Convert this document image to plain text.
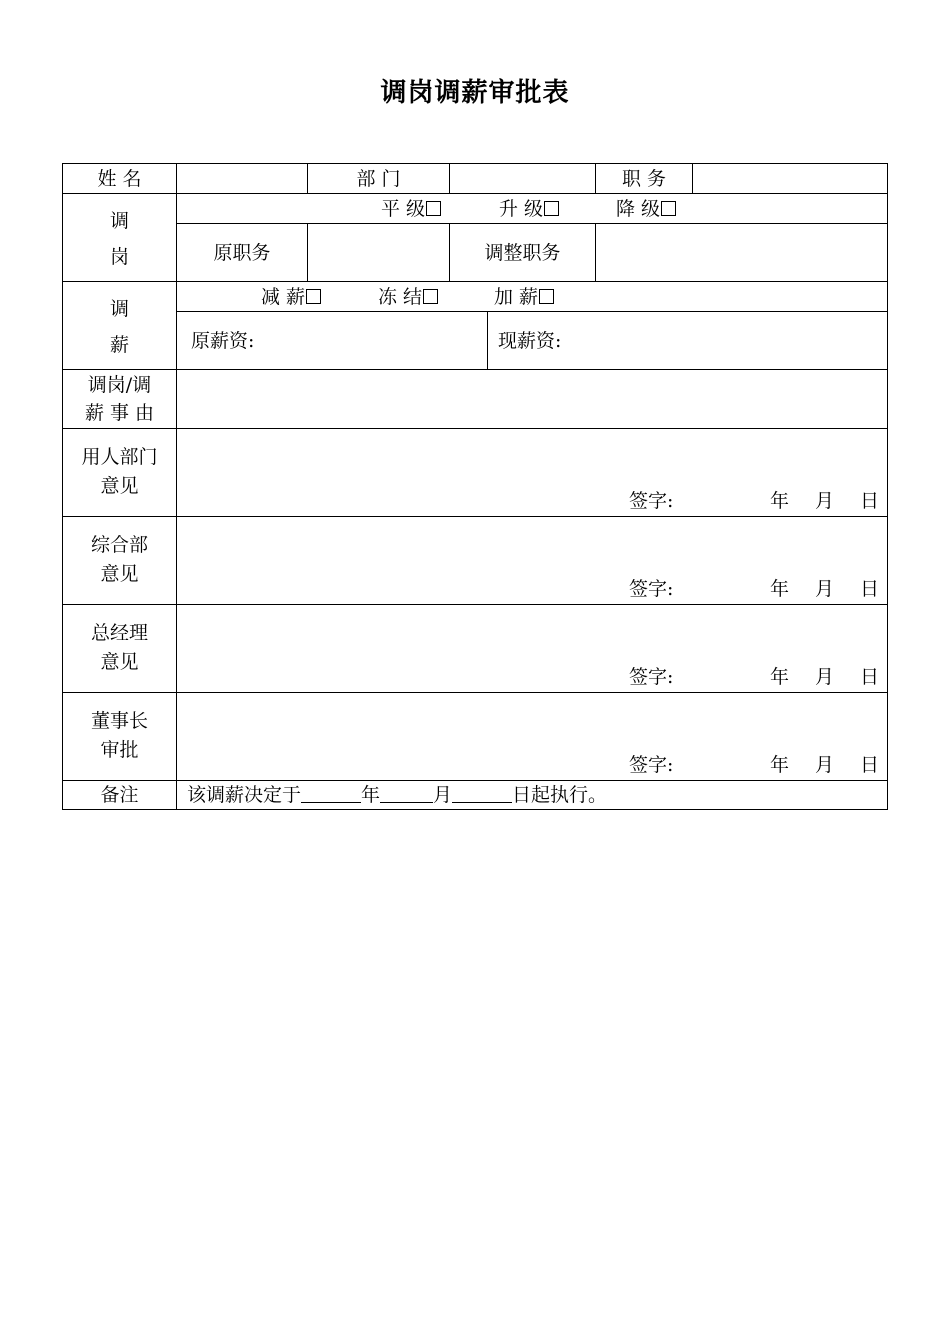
调岗调薪审批表
姓 名	部 门	职 务
调
岗
平 级	升 级	降 级
原职务	调整职务
调
薪
减 薪	冻 结	加 薪
原薪资:	现薪资:
调岗/调
薪 事 由
用人部门
意见
签字:	年 月 日
综合部
意见
签字:	年 月 日
总经理
意见
签字:	年 月 日
董事长
审批
签字:	年 月 日
备注	该调薪决定于	年	月	日起执行。
